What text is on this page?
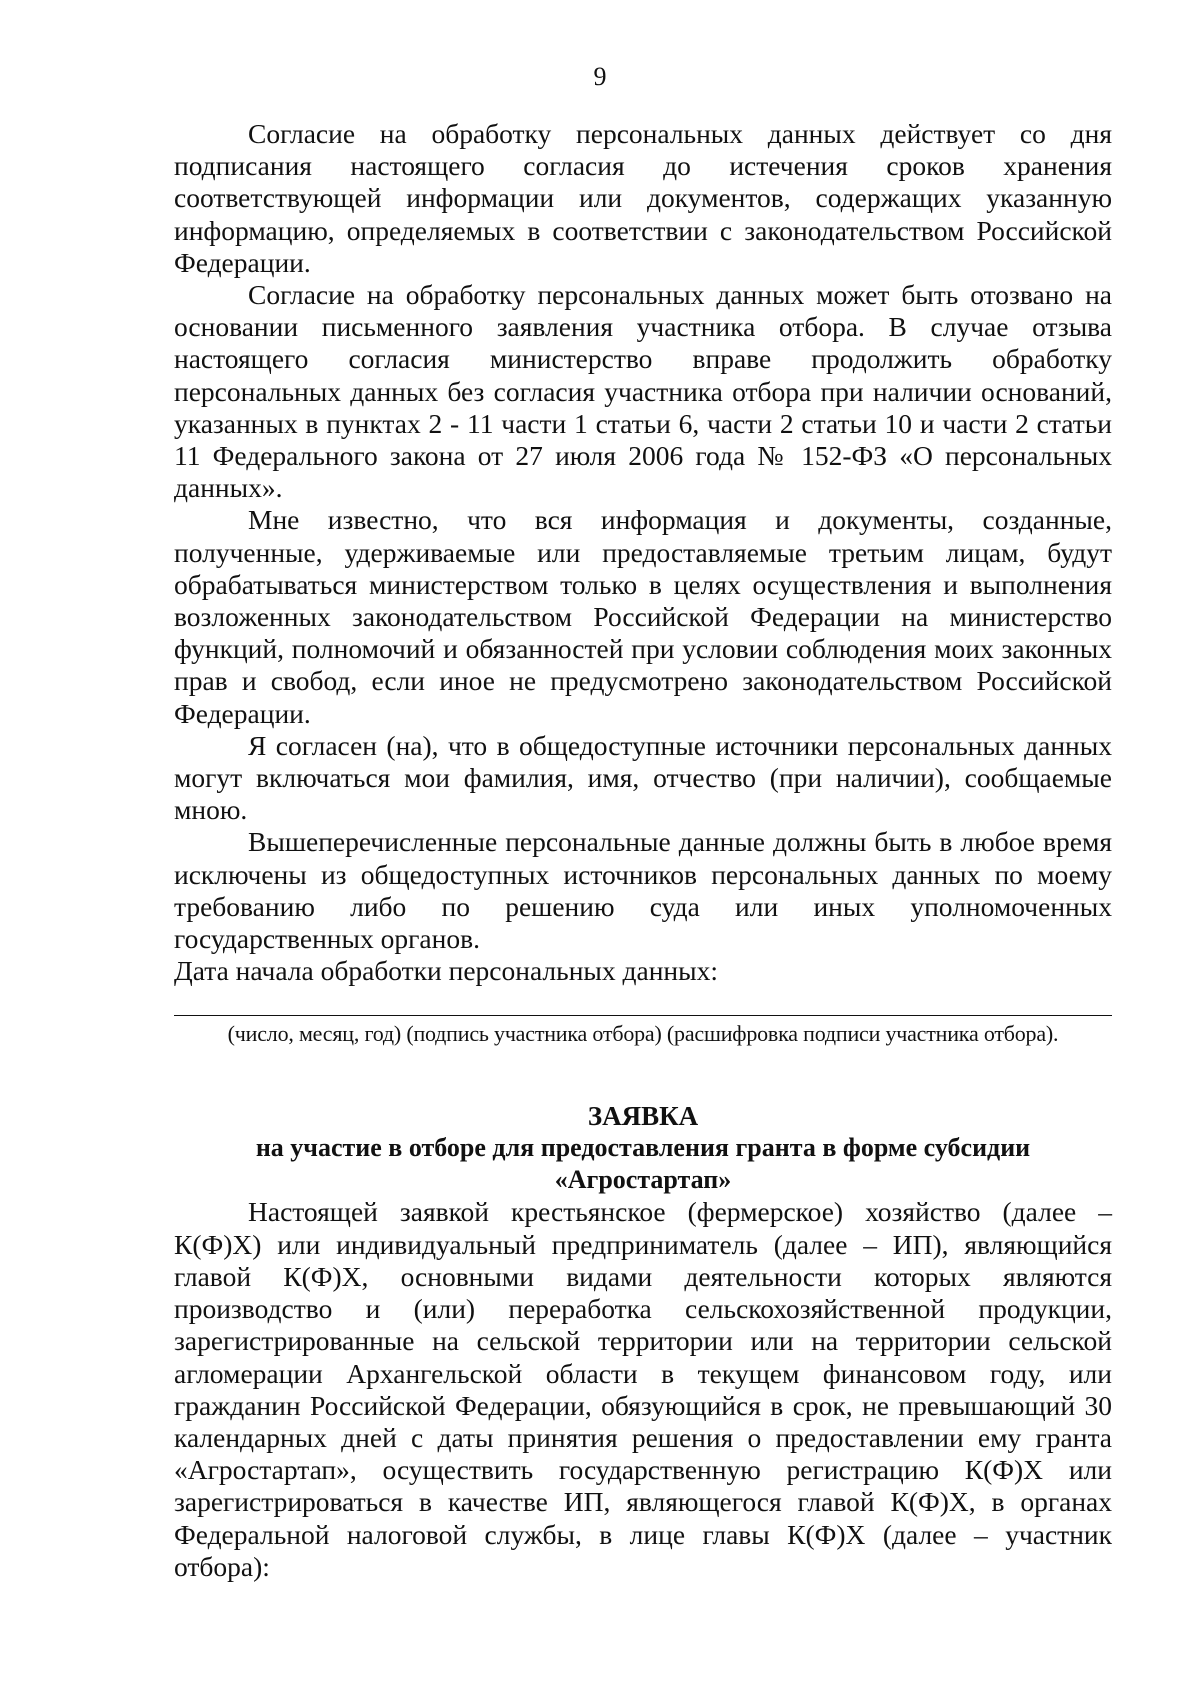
9

Согласие на обработку персональных данных действует со дня подписания настоящего согласия до истечения сроков хранения соответствующей информации или документов, содержащих указанную информацию, определяемых в соответствии с законодательством Российской Федерации.

Согласие на обработку персональных данных может быть отозвано на основании письменного заявления участника отбора. В случае отзыва настоящего согласия министерство вправе продолжить обработку персональных данных без согласия участника отбора при наличии оснований, указанных в пунктах 2 - 11 части 1 статьи 6, части 2 статьи 10 и части 2 статьи 11 Федерального закона от 27 июля 2006 года № 152-ФЗ «О персональных данных».

Мне известно, что вся информация и документы, созданные, полученные, удерживаемые или предоставляемые третьим лицам, будут обрабатываться министерством только в целях осуществления и выполнения возложенных законодательством Российской Федерации на министерство функций, полномочий и обязанностей при условии соблюдения моих законных прав и свобод, если иное не предусмотрено законодательством Российской Федерации.

Я согласен (на), что в общедоступные источники персональных данных могут включаться мои фамилия, имя, отчество (при наличии), сообщаемые мною.

Вышеперечисленные персональные данные должны быть в любое время исключены из общедоступных источников персональных данных по моему требованию либо по решению суда или иных уполномоченных государственных органов.

Дата начала обработки персональных данных:

(число, месяц, год) (подпись участника отбора) (расшифровка подписи участника отбора).
ЗАЯВКА
на участие в отборе для предоставления гранта в форме субсидии
«Агростартап»

Настоящей заявкой крестьянское (фермерское) хозяйство (далее – К(Ф)Х) или индивидуальный предприниматель (далее – ИП), являющийся главой К(Ф)Х, основными видами деятельности которых являются производство и (или) переработка сельскохозяйственной продукции, зарегистрированные на сельской территории или на территории сельской агломерации Архангельской области в текущем финансовом году, или гражданин Российской Федерации, обязующийся в срок, не превышающий 30 календарных дней с даты принятия решения о предоставлении ему гранта «Агростартап», осуществить государственную регистрацию К(Ф)Х или зарегистрироваться в качестве ИП, являющегося главой К(Ф)Х, в органах Федеральной налоговой службы, в лице главы К(Ф)Х (далее – участник отбора):
